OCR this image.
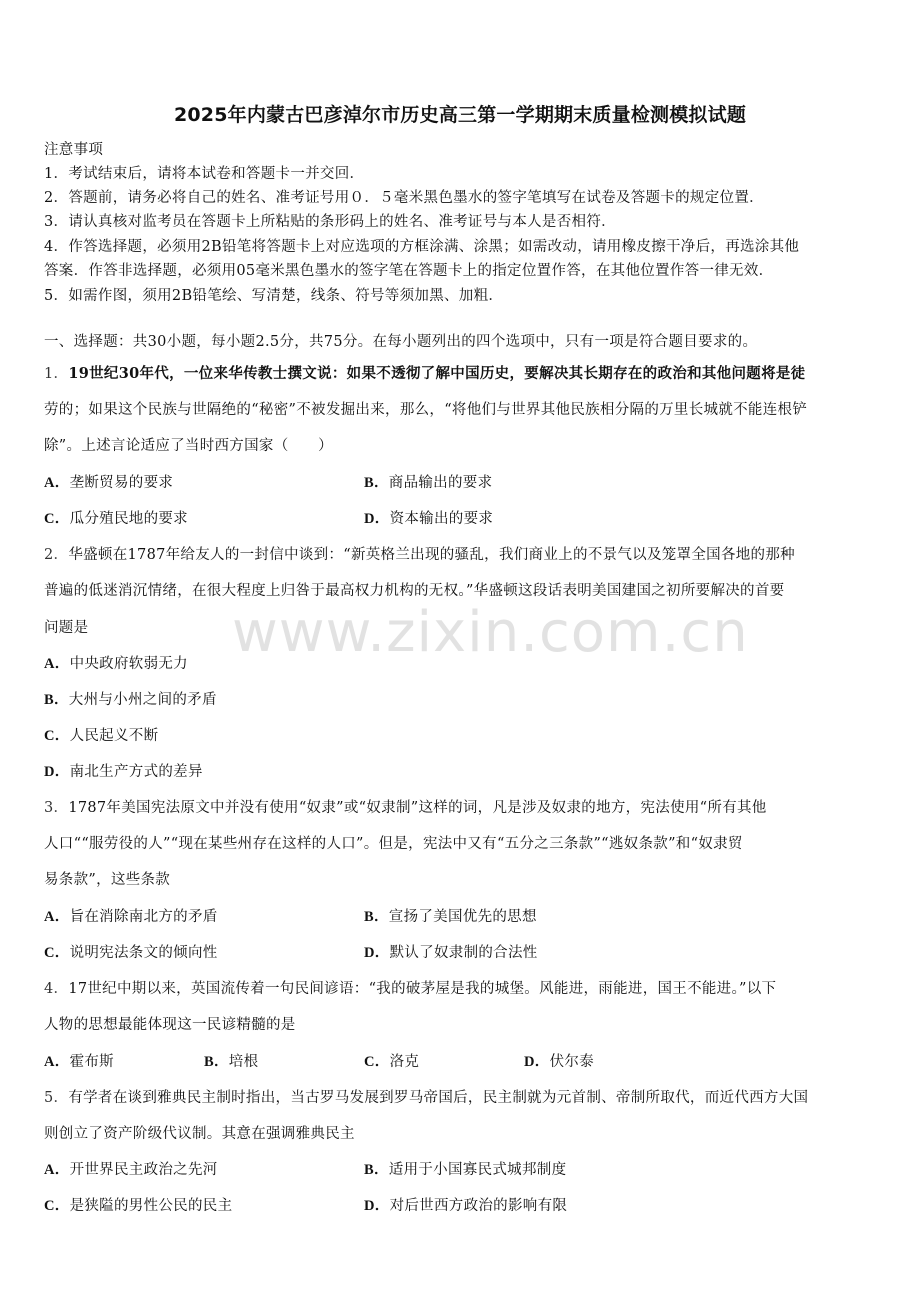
2025年内蒙古巴彦淖尔市历史高三第一学期期末质量检测模拟试题
注意事项
1．考试结束后，请将本试卷和答题卡一并交回．
2．答题前，请务必将自己的姓名、准考证号用０．５毫米黑色墨水的签字笔填写在试卷及答题卡的规定位置．
3．请认真核对监考员在答题卡上所粘贴的条形码上的姓名、准考证号与本人是否相符．
4．作答选择题，必须用2B铅笔将答题卡上对应选项的方框涂满、涂黑；如需改动，请用橡皮擦干净后，再选涂其他
答案．作答非选择题，必须用05毫米黑色墨水的签字笔在答题卡上的指定位置作答，在其他位置作答一律无效．
5．如需作图，须用2B铅笔绘、写清楚，线条、符号等须加黑、加粗．
一、选择题：共30小题，每小题2.5分，共75分。在每小题列出的四个选项中，只有一项是符合题目要求的。
1．19世纪30年代，一位来华传教士撰文说：如果不透彻了解中国历史，要解决其长期存在的政治和其他问题将是徒
劳的；如果这个民族与世隔绝的“秘密”不被发掘出来，那么，“将他们与世界其他民族相分隔的万里长城就不能连根铲
除”。上述言论适应了当时西方国家（　　）
A．垄断贸易的要求	B．商品输出的要求
C．瓜分殖民地的要求	D．资本输出的要求
2．华盛顿在1787年给友人的一封信中谈到：“新英格兰出现的骚乱，我们商业上的不景气以及笼罩全国各地的那种
普遍的低迷消沉情绪，在很大程度上归咎于最高权力机构的无权。”华盛顿这段话表明美国建国之初所要解决的首要
问题是
A．中央政府软弱无力
B．大州与小州之间的矛盾
C．人民起义不断
D．南北生产方式的差异
3．1787年美国宪法原文中并没有使用“奴隶”或“奴隶制”这样的词，凡是涉及奴隶的地方，宪法使用“所有其他
人口““服劳役的人”“现在某些州存在这样的人口”。但是，宪法中又有“五分之三条款”“逃奴条款”和“奴隶贸
易条款”，这些条款
A．旨在消除南北方的矛盾	B．宣扬了美国优先的思想
C．说明宪法条文的倾向性	D．默认了奴隶制的合法性
4．17世纪中期以来，英国流传着一句民间谚语：“我的破茅屋是我的城堡。风能进，雨能进，国王不能进。”以下
人物的思想最能体现这一民谚精髓的是
A．霍布斯	B．培根	C．洛克	D．伏尔泰
5．有学者在谈到雅典民主制时指出，当古罗马发展到罗马帝国后，民主制就为元首制、帝制所取代，而近代西方大国
则创立了资产阶级代议制。其意在强调雅典民主
A．开世界民主政治之先河	B．适用于小国寡民式城邦制度
C．是狭隘的男性公民的民主	D．对后世西方政治的影响有限
www.zixin.com.cn
